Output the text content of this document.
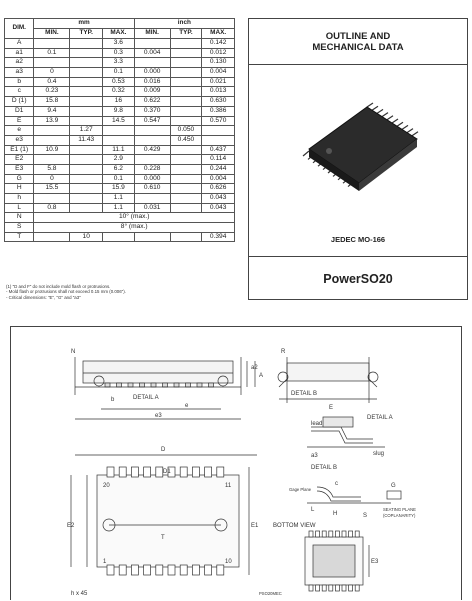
DIM.	mm			inch		
	MIN.	TYP.	MAX.	MIN.	TYP.	MAX.
A			3.6			0.142
a1	0.1		0.3	0.004		0.012
a2			3.3			0.130
a3	0		0.1	0.000		0.004
b	0.4		0.53	0.016		0.021
c	0.23		0.32	0.009		0.013
D (1)	15.8		16	0.622		0.630
D1	9.4		9.8	0.370		0.386
E	13.9		14.5	0.547		0.570
e		1.27			0.050	
e3		11.43			0.450	
E1 (1)	10.9		11.1	0.429		0.437
E2			2.9			0.114
E3	5.8		6.2	0.228		0.244
G	0		0.1	0.000		0.004
H	15.5		15.9	0.610		0.626
h			1.1			0.043
L	0.8		1.1	0.031		0.043
N	10° (max.)					
S	8° (max.)					
T		10				0.394
(1) "D and F" do not include mold flash or protrusions.
- Mold flash or protrusions shall not exceed 0.15 mm (0.006").
- Critical dimensions: "E", "G" and "a3"
OUTLINE AND
MECHANICAL DATA
JEDEC MO-166
PowerSO20
N	R
a2
A
b	DETAIL A
e
e3
DETAIL B
E
D
D1
E1
E2
E3
T
20	11
1	10
DETAIL A
lead
slug
a3
DETAIL B
Gage Plane
c
L
H
G
S
SEATING PLANE
(COPLANARITY)
BOTTOM VIEW
h x 45	PSO20MEC
